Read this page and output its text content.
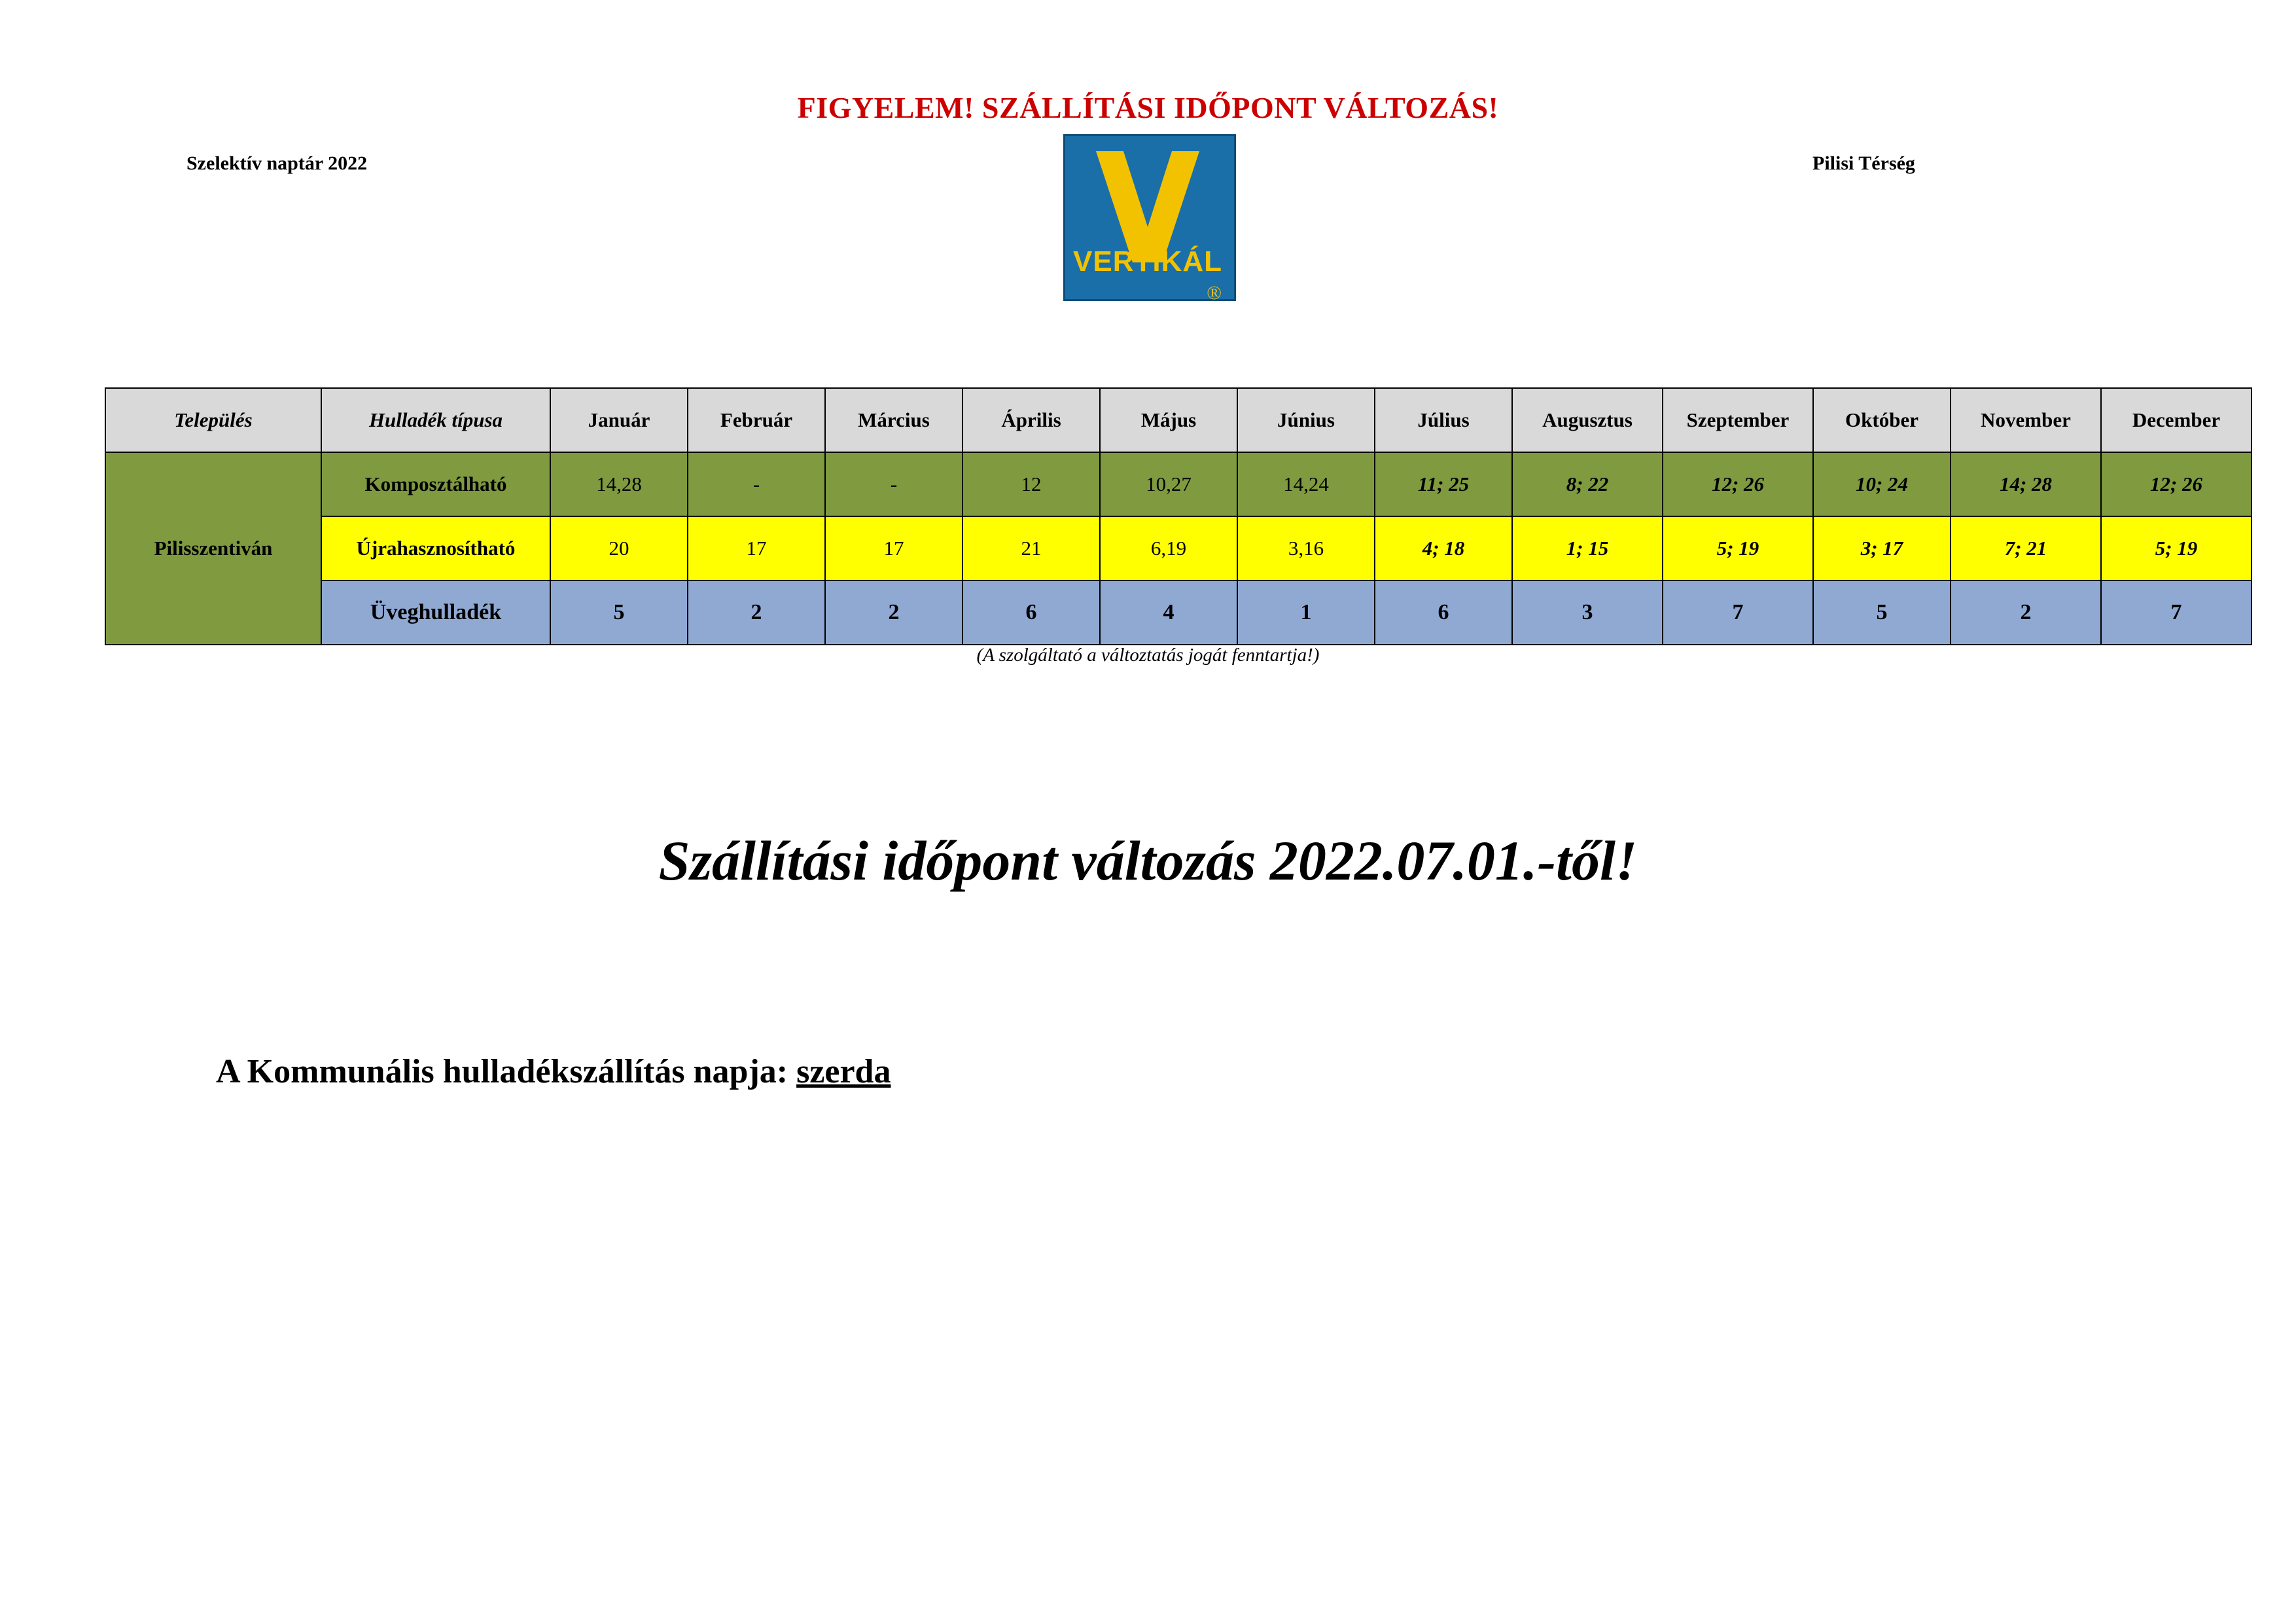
FIGYELEM! SZÁLLÍTÁSI IDŐPONT VÁLTOZÁS!
Szelektív naptár 2022	Pilisi Térség
®
VERTIKÁL
Település	Hulladék típusa	Január	Február	Március	Április	Május	Június	Július	Augusztus	Szeptember	Október	November	December
Pilisszentiván	Komposztálható	14,28	-	-	12	10,27	14,24	11; 25	8; 22	12; 26	10; 24	14; 28	12; 26
	Újrahasznosítható	20	17	17	21	6,19	3,16	4; 18	1; 15	5; 19	3; 17	7; 21	5; 19
	Üveghulladék	5	2	2	6	4	1	6	3	7	5	2	7
(A szolgáltató a változtatás jogát fenntartja!)
Szállítási időpont változás 2022.07.01.-től!
A Kommunális hulladékszállítás napja: szerda
